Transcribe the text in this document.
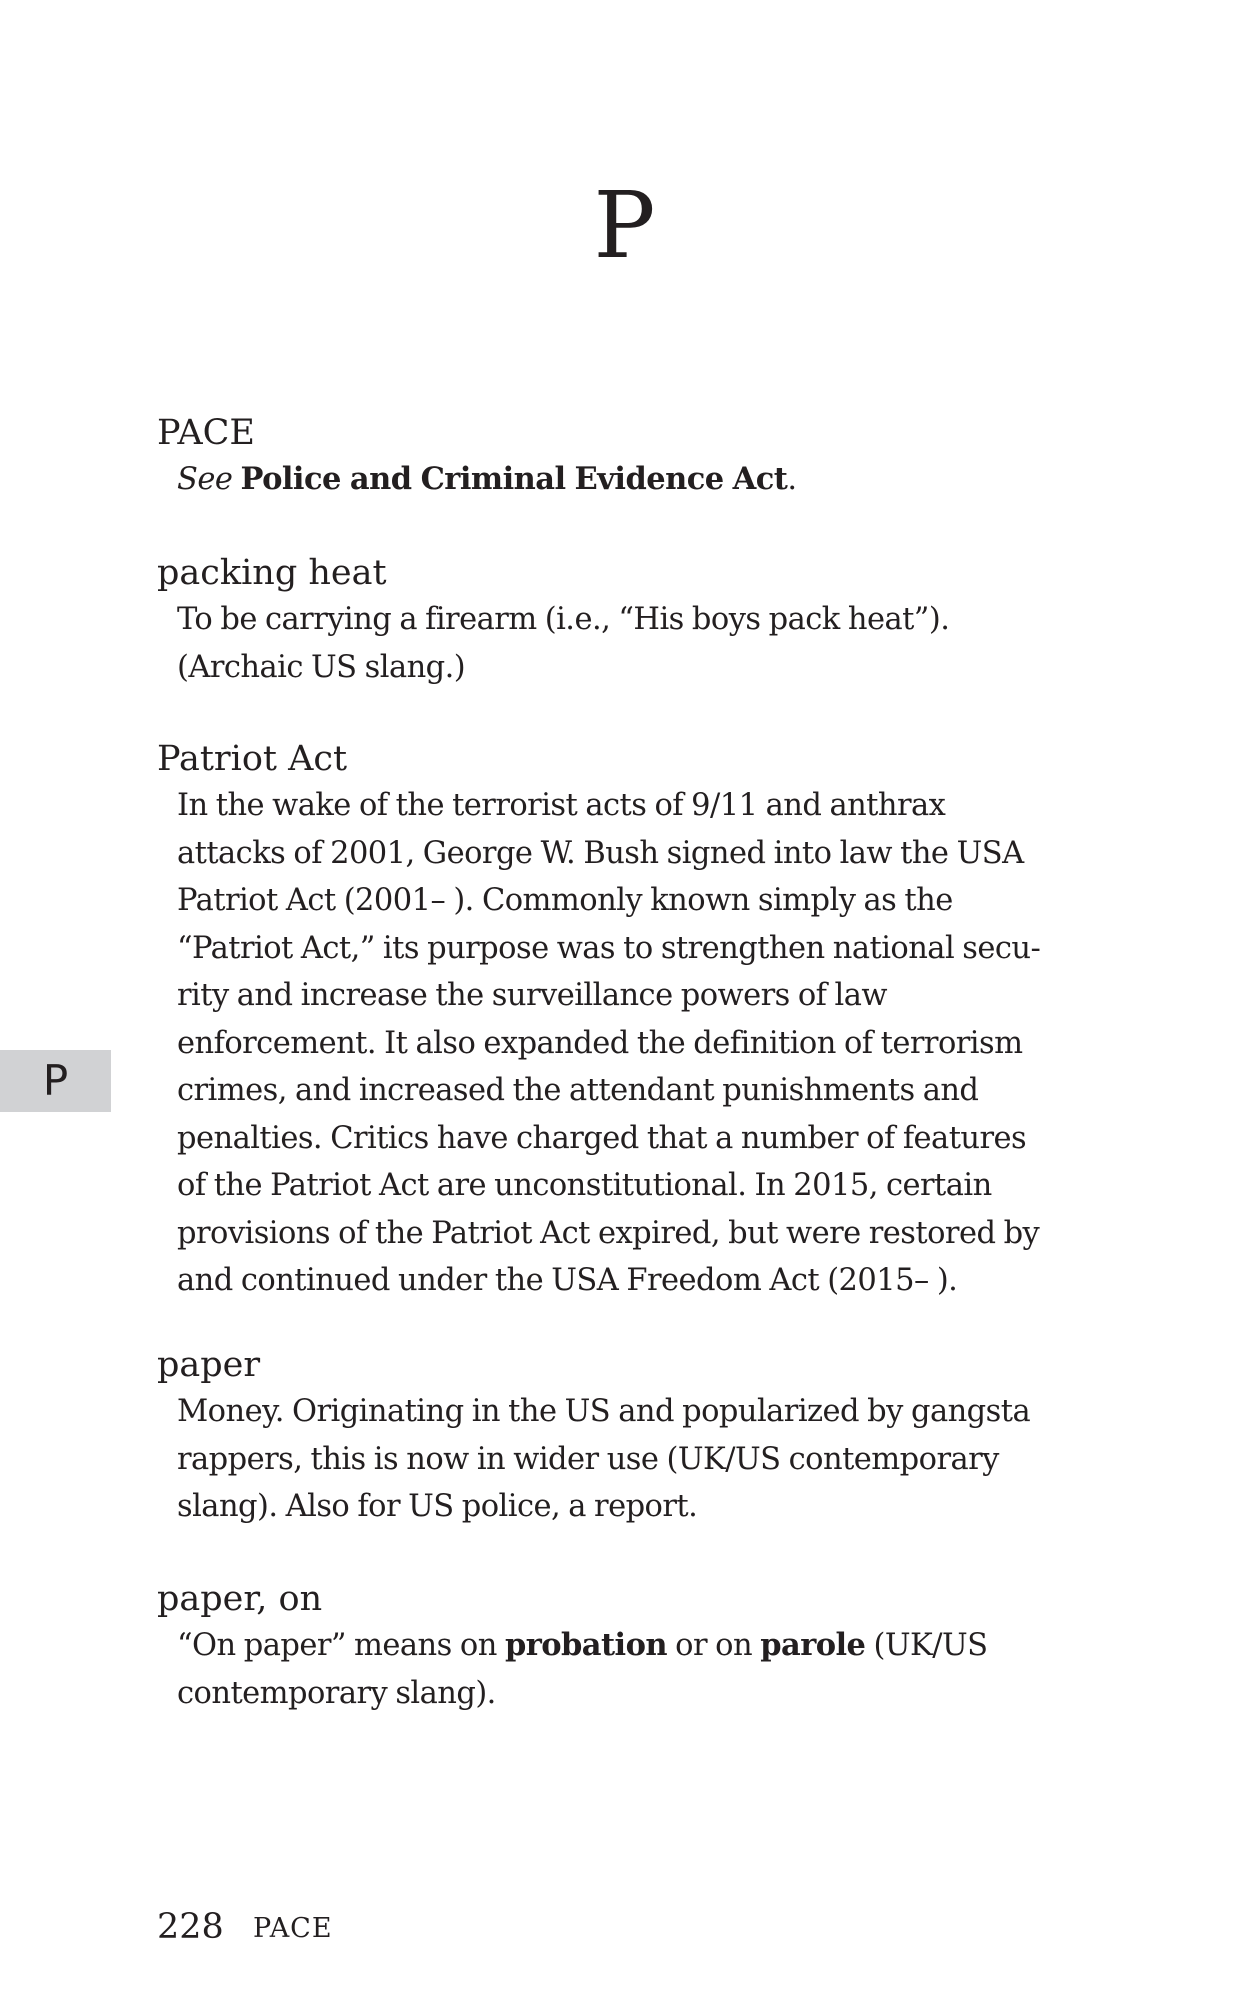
P
P
PACE
See Police and Criminal Evidence Act.
packing heat
To be carrying a firearm (i.e., “His boys pack heat”).
(Archaic US slang.)
Patriot Act
In the wake of the terrorist acts of 9/11 and anthrax
attacks of 2001, George W. Bush signed into law the USA
Patriot Act (2001– ). Commonly known simply as the
“Patriot Act,” its purpose was to strengthen national secu-
rity and increase the surveillance powers of law
enforcement. It also expanded the definition of terrorism
crimes, and increased the attendant punishments and
penalties. Critics have charged that a number of features
of the Patriot Act are unconstitutional. In 2015, certain
provisions of the Patriot Act expired, but were restored by
and continued under the USA Freedom Act (2015– ).
paper
Money. Originating in the US and popularized by gangsta
rappers, this is now in wider use (UK/US contemporary
slang). Also for US police, a report.
paper, on
“On paper” means on probation or on parole (UK/US
contemporary slang).
228 PACE
